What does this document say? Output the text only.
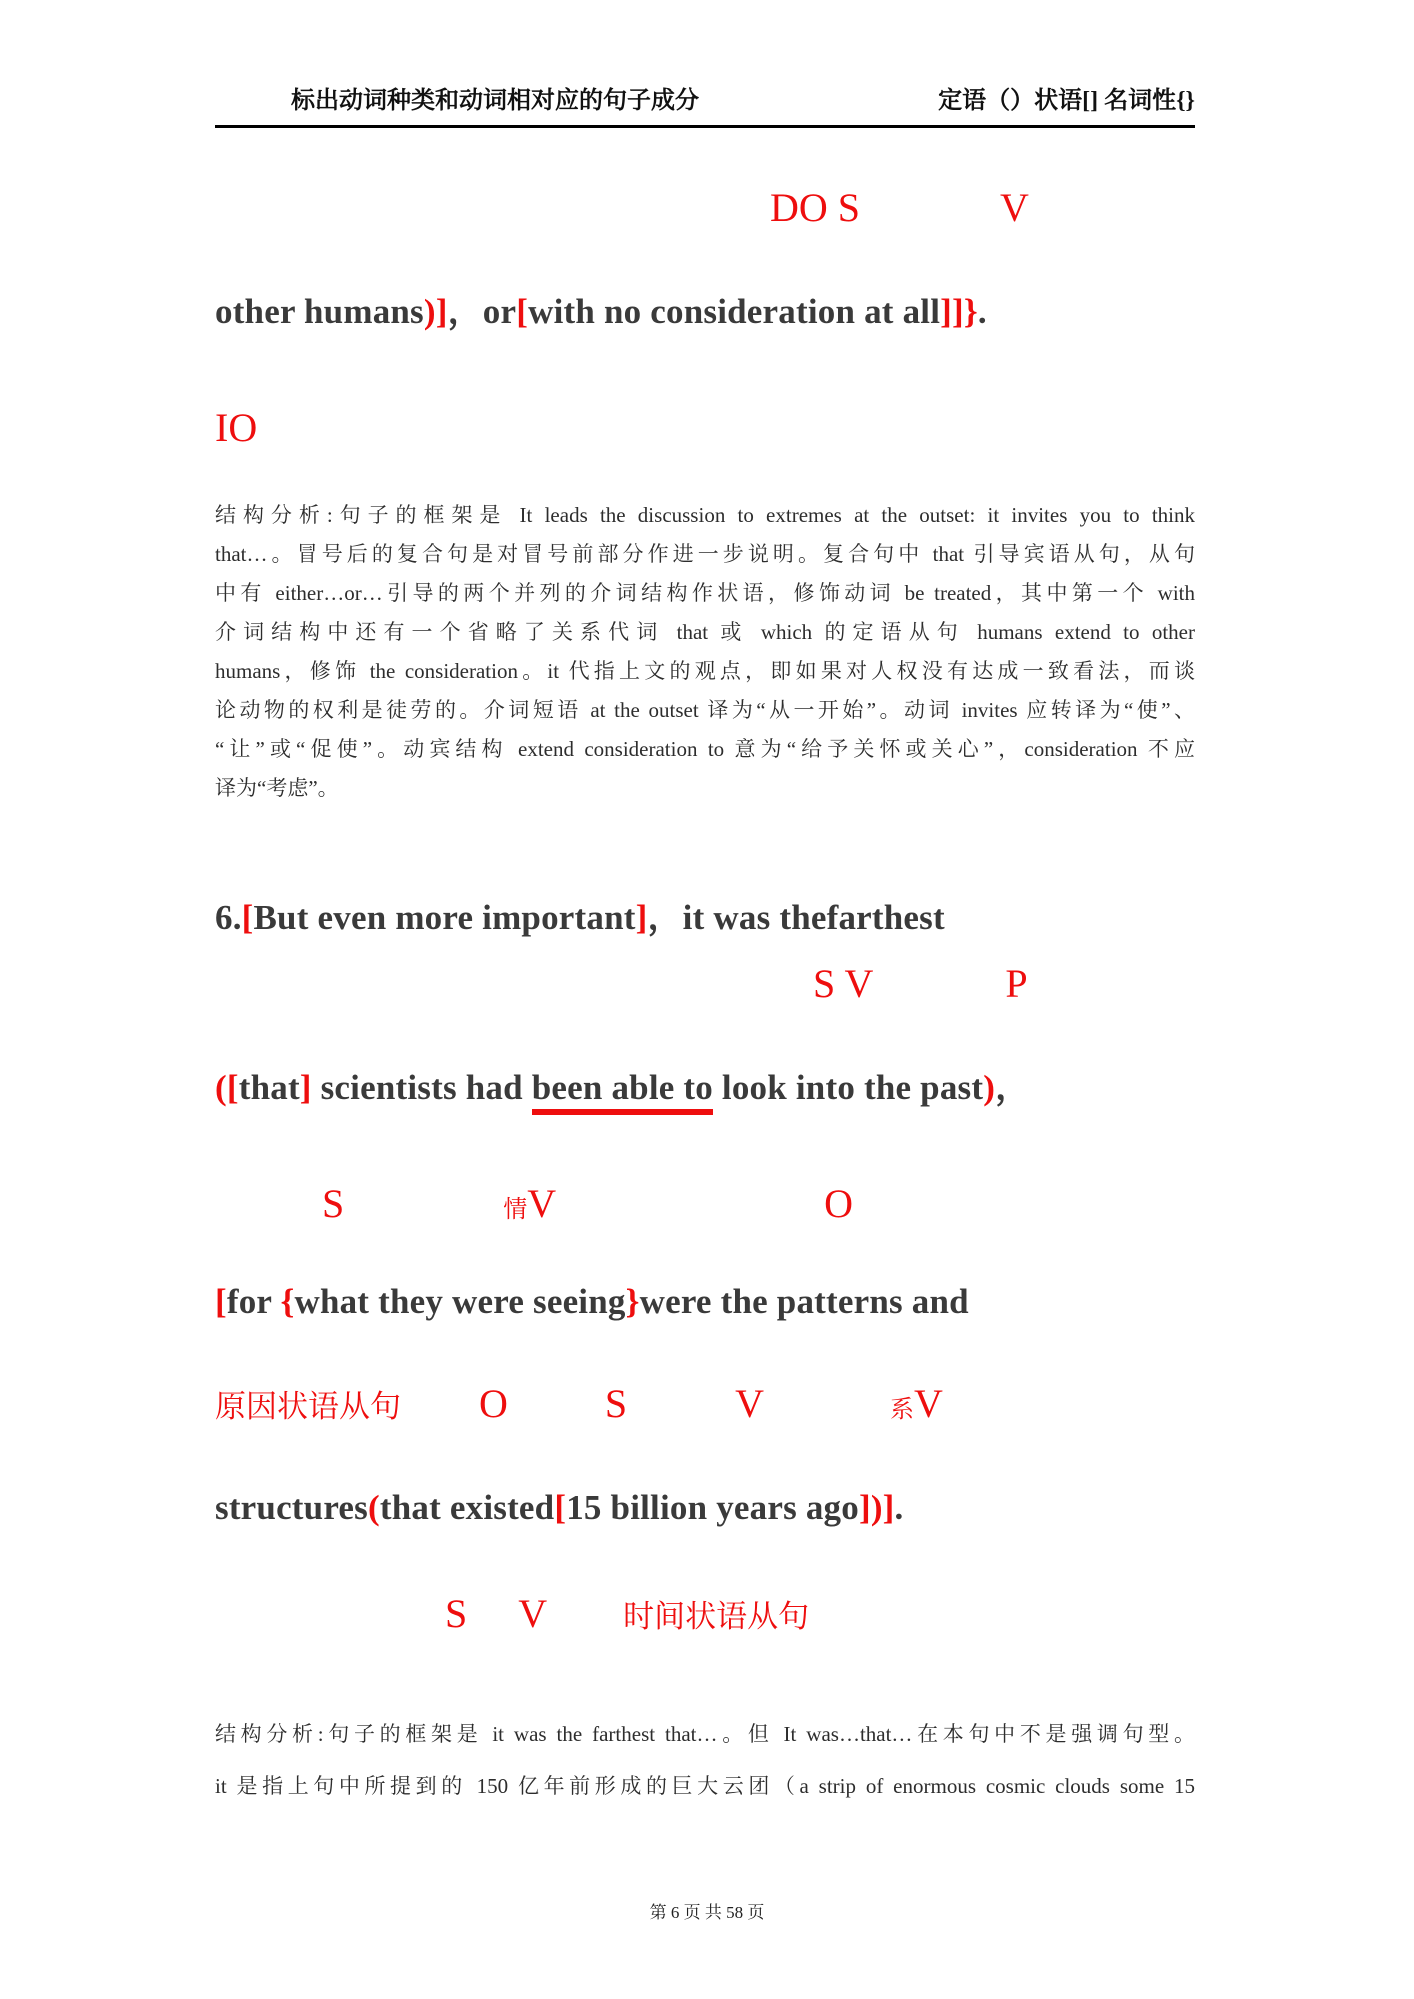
标出动词种类和动词相对应的句子成分	定语（）状语[] 名词性{}
DO S	V
other humans)]，or[with no consideration at all]]}.
IO
结构分析:句子的框架是 It leads the discussion to extremes at the outset: it invites you to think
that…。冒号后的复合句是对冒号前部分作进一步说明。复合句中 that 引导宾语从句，从句
中有 either…or…引导的两个并列的介词结构作状语，修饰动词 be treated，其中第一个 with
介词结构中还有一个省略了关系代词 that 或 which 的定语从句 humans extend to other
humans，修饰 the consideration。it 代指上文的观点，即如果对人权没有达成一致看法，而谈
论动物的权利是徒劳的。介词短语 at the outset 译为“从一开始”。动词 invites 应转译为“使”、
“让”或“促使”。动宾结构 extend consideration to 意为“给予关怀或关心”，consideration 不应
译为“考虑”。
6.[But even more important]，it was thefarthest
S V	P
([that] scientists had been able to look into the past)，
S	情V	O
[for {what they were seeing}were the patterns and
原因状语从句 O S	V	系V
structures(that existed[15 billion years ago])].
S V 时间状语从句
结构分析:句子的框架是 it was the farthest that…。但 It was…that…在本句中不是强调句型。
it 是指上句中所提到的 150 亿年前形成的巨大云团（a strip of enormous cosmic clouds some 15
第 6 页 共 58 页
